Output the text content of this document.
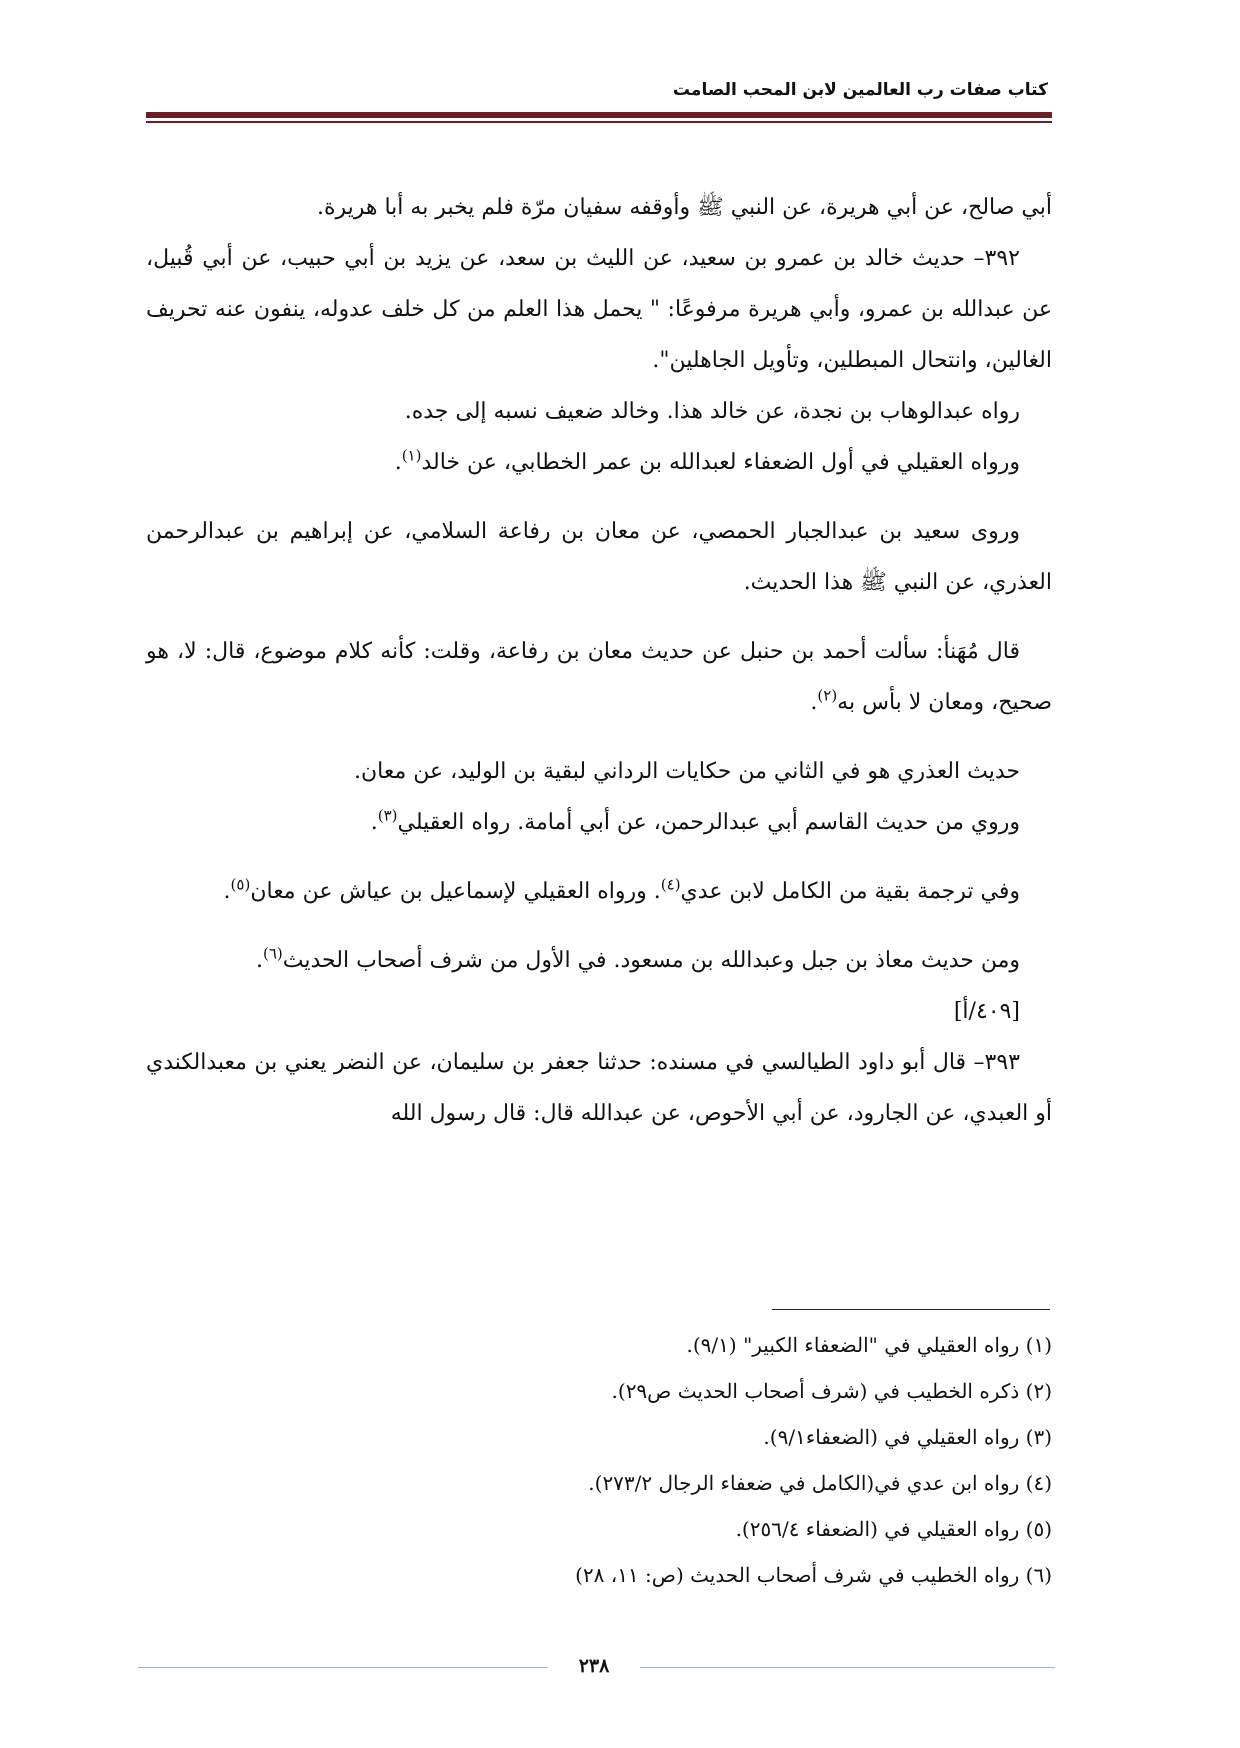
كتاب صفات رب العالمين لابن المحب الصامت

أبي صالح، عن أبي هريرة، عن النبي ﷺ وأوقفه سفيان مرّة فلم يخبر به أبا هريرة.

٣٩٢– حديث خالد بن عمرو بن سعيد، عن الليث بن سعد، عن يزيد بن أبي حبيب، عن أبي قُبيل، عن عبدالله بن عمرو، وأبي هريرة مرفوعًا: " يحمل هذا العلم من كل خلف عدوله، ينفون عنه تحريف الغالين، وانتحال المبطلين، وتأويل الجاهلين".

رواه عبدالوهاب بن نجدة، عن خالد هذا. وخالد ضعيف نسبه إلى جده.

ورواه العقيلي في أول الضعفاء لعبدالله بن عمر الخطابي، عن خالد$^{(١)}$.

وروى سعيد بن عبدالجبار الحمصي، عن معان بن رفاعة السلامي، عن إبراهيم بن عبدالرحمن العذري، عن النبي ﷺ هذا الحديث.

قال مُهَنأ: سألت أحمد بن حنبل عن حديث معان بن رفاعة، وقلت: كأنه كلام موضوع، قال: لا، هو صحيح، ومعان لا بأس به$^{(٢)}$.

حديث العذري هو في الثاني من حكايات الرداني لبقية بن الوليد، عن معان.

وروي من حديث القاسم أبي عبدالرحمن، عن أبي أمامة. رواه العقيلي$^{(٣)}$.

وفي ترجمة بقية من الكامل لابن عدي$^{(٤)}$. ورواه العقيلي لإسماعيل بن عياش عن معان$^{(٥)}$.

ومن حديث معاذ بن جبل وعبدالله بن مسعود. في الأول من شرف أصحاب الحديث$^{(٦)}$.

[٤٠٩/أ]

٣٩٣– قال أبو داود الطيالسي في مسنده: حدثنا جعفر بن سليمان، عن النضر يعني بن معبدالكندي أو العبدي، عن الجارود، عن أبي الأحوص، عن عبدالله قال: قال رسول الله

(١) رواه العقيلي في "الضعفاء الكبير" (٩/١).

(٢) ذكره الخطيب في (شرف أصحاب الحديث ص٢٩).

(٣) رواه العقيلي في (الضعفاء٩/١).

(٤) رواه ابن عدي في(الكامل في ضعفاء الرجال ٢٧٣/٢).

(٥) رواه العقيلي في (الضعفاء ٢٥٦/٤).

(٦) رواه الخطيب في شرف أصحاب الحديث (ص: ١١، ٢٨)

٢٣٨
